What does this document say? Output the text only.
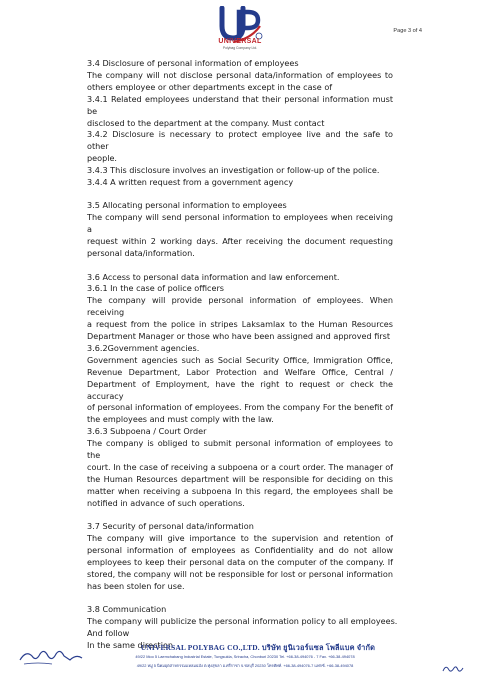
UNIVERSAL
Polybag Company Ltd.
Page 3 of 4
3.4 Disclosure of personal information of employees
The company will not disclose personal data/information of employees to
others employee or other departments except in the case of
3.4.1 Related employees understand that their personal information must be
disclosed to the department at the company. Must contact
3.4.2 Disclosure is necessary to protect employee live and the safe to other
people.
3.4.3 This disclosure involves an investigation or follow-up of the police.
3.4.4 A written request from a government agency
3.5 Allocating personal information to employees
The company will send personal information to employees when receiving a
request within 2 working days. After receiving the document requesting
personal data/information.
3.6 Access to personal data information and law enforcement.
3.6.1 In the case of police officers
The company will provide personal information of employees. When receiving
a request from the police in stripes Laksamlax to the Human Resources
Department Manager or those who have been assigned and approved first
3.6.2Government agencies.
Government agencies such as Social Security Office, Immigration Office,
Revenue Department, Labor Protection and Welfare Office, Central /
Department of Employment, have the right to request or check the accuracy
of personal information of employees. From the company For the benefit of
the employees and must comply with the law.
3.6.3 Subpoena / Court Order
The company is obliged to submit personal information of employees to the
court. In the case of receiving a subpoena or a court order. The manager of
the Human Resources department will be responsible for deciding on this
matter when receiving a subpoena In this regard, the employees shall be
notified in advance of such operations.
3.7 Security of personal data/information
The company will give importance to the supervision and retention of
personal information of employees as Confidentiality and do not allow
employees to keep their personal data on the computer of the company. If
stored, the company will not be responsible for lost or personal information
has been stolen for use.
3.8 Communication
The company will publicize the personal information policy to all employees.
And follow
In the same direction
UNIVERSAL POLYBAG CO.,LTD. บริษัท ยูนิเวอร์แซล โพลีแบค จำกัด
49/22 Moo 5 Laemchabang Industrial Estate, Tungsukla, Sriracha, Chonburi 20230 Tel. +66-38-494076 - 7 Fax. +66-38-494078
49/22 หมู่ 5 นิคมอุตสาหกรรมแหลมฉบัง ต.ทุ่งสุขลา อ.ศรีราชา จ.ชลบุรี 20230 โทรศัพท์. +66-38-494076-7 แฟกซ์. +66-38-494078
